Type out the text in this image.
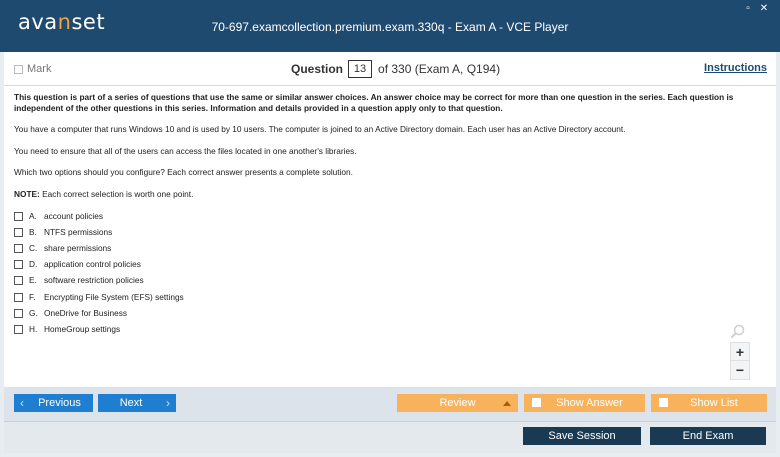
avanset	70-697.examcollection.premium.exam.330q - Exam A - VCE Player
▫	✕
Mark	Question 13 of 330 (Exam A, Q194)	Instructions

This question is part of a series of questions that use the same or similar answer choices. An answer choice may be correct for more than one question in the series. Each question is independent of the other questions in this series. Information and details provided in a question apply only to that question.

You have a computer that runs Windows 10 and is used by 10 users. The computer is joined to an Active Directory domain. Each user has an Active Directory account.

You need to ensure that all of the users can access the files located in one another's libraries.

Which two options should you configure? Each correct answer presents a complete solution.

NOTE: Each correct selection is worth one point.

A. account policies
B. NTFS permissions
C. share permissions
D. application control policies
E. software restriction policies
F.	Encrypting File System (EFS) settings
G. OneDrive for Business
H. HomeGroup settings
+
−
‹ Previous	Next ›	Review	Show Answer	Show List
Save Session	End Exam
